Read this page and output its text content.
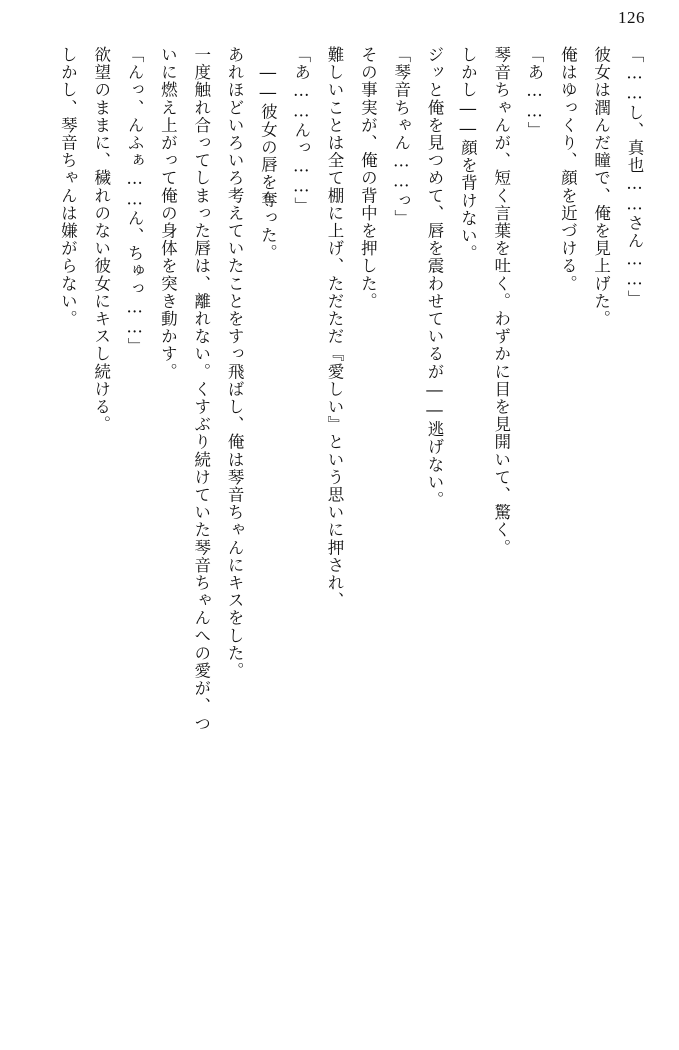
126

「……し、真也……さん……」

彼女は潤んだ瞳で、俺を見上げた。

俺はゆっくり、顔を近づける。

「あ……」

琴音ちゃんが、短く言葉を吐く。わずかに目を見開いて、驚く。

しかし――顔を背けない。

ジッと俺を見つめて、唇を震わせているが――逃げない。

「琴音ちゃん……っ」

その事実が、俺の背中を押した。

難しいことは全て棚に上げ、ただただ『愛しい』という思いに押され、

「あ……んっ……」

――彼女の唇を奪った。

あれほどいろいろ考えていたことをすっ飛ばし、俺は琴音ちゃんにキスをした。

一度触れ合ってしまった唇は、離れない。くすぶり続けていた琴音ちゃんへの愛が、つ

いに燃え上がって俺の身体を突き動かす。

「んっ、んふぁ……ん、ちゅっ……」

欲望のままに、穢れのない彼女にキスし続ける。

しかし、琴音ちゃんは嫌がらない。
